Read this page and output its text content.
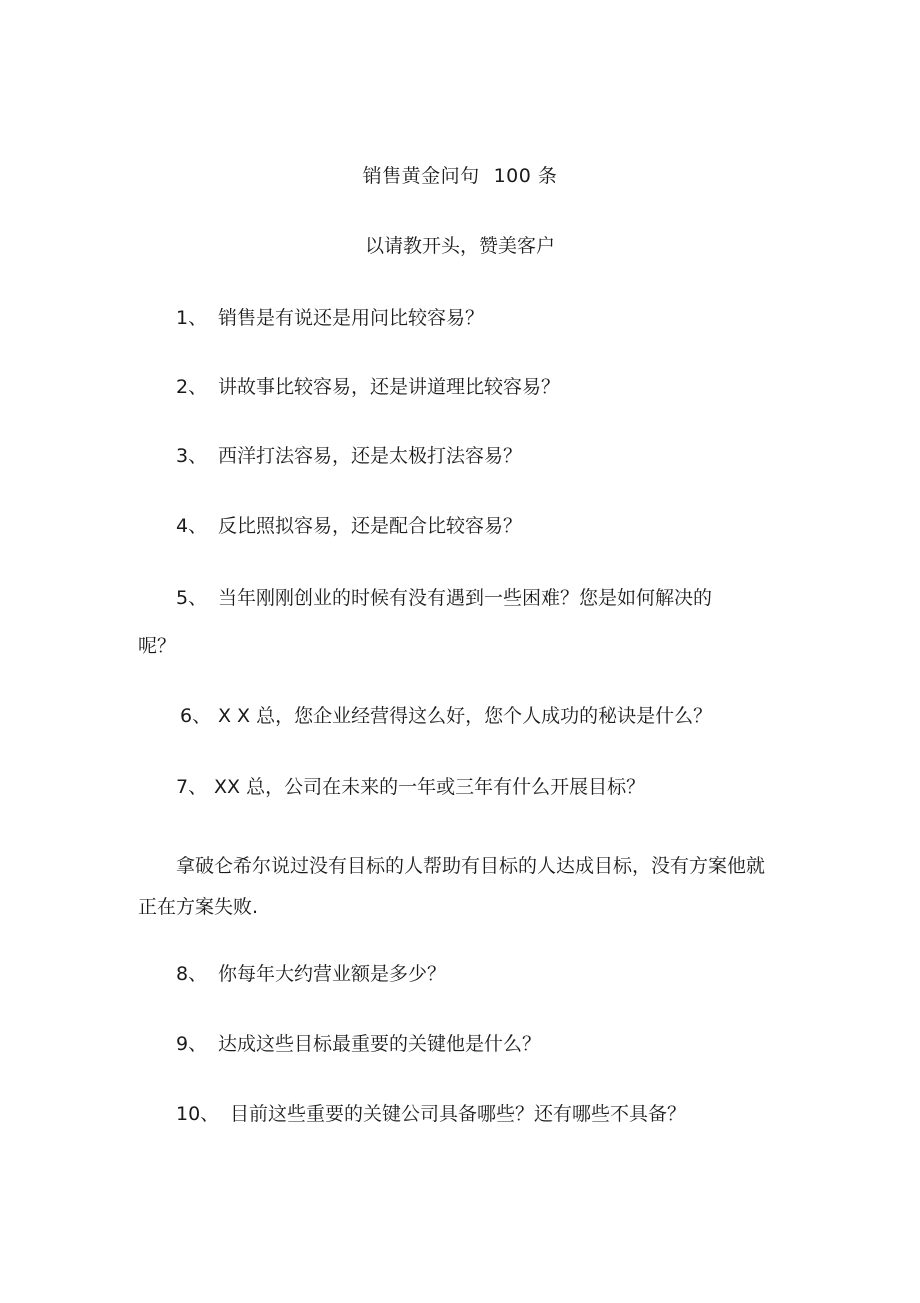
销售黄金问句 100 条
以请教开头，赞美客户
1、 销售是有说还是用问比较容易？
2、 讲故事比较容易，还是讲道理比较容易？
3、 西洋打法容易，还是太极打法容易？
4、 反比照拟容易，还是配合比较容易？
5、 当年刚刚创业的时候有没有遇到一些困难？您是如何解决的
呢？
6、 X X 总，您企业经营得这么好，您个人成功的秘诀是什么？
7、 XX 总，公司在未来的一年或三年有什么开展目标？
拿破仑希尔说过没有目标的人帮助有目标的人达成目标，没有方案他就正在方案失败.
8、 你每年大约营业额是多少？
9、 达成这些目标最重要的关键他是什么？
10、 目前这些重要的关键公司具备哪些？还有哪些不具备？
